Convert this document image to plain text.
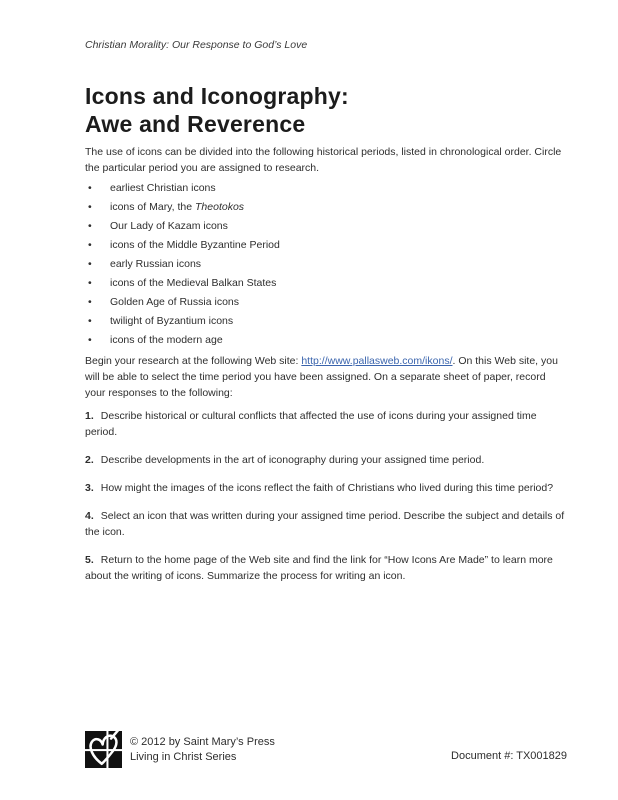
Christian Morality: Our Response to God’s Love

Icons and Iconography:
Awe and Reverence

The use of icons can be divided into the following historical periods, listed in chronological order. Circle the particular period you are assigned to research.

• earliest Christian icons
• icons of Mary, the Theotokos
• Our Lady of Kazam icons
• icons of the Middle Byzantine Period
• early Russian icons
• icons of the Medieval Balkan States
• Golden Age of Russia icons
• twilight of Byzantium icons
• icons of the modern age

Begin your research at the following Web site: http://www.pallasweb.com/ikons/. On this Web site, you will be able to select the time period you have been assigned. On a separate sheet of paper, record your responses to the following:

1. Describe historical or cultural conflicts that affected the use of icons during your assigned time period.
2. Describe developments in the art of iconography during your assigned time period.
3. How might the images of the icons reflect the faith of Christians who lived during this time period?
4. Select an icon that was written during your assigned time period. Describe the subject and details of the icon.
5. Return to the home page of the Web site and find the link for “How Icons Are Made” to learn more about the writing of icons. Summarize the process for writing an icon.
© 2012 by Saint Mary’s Press
Living in Christ Series	Document #: TX001829
